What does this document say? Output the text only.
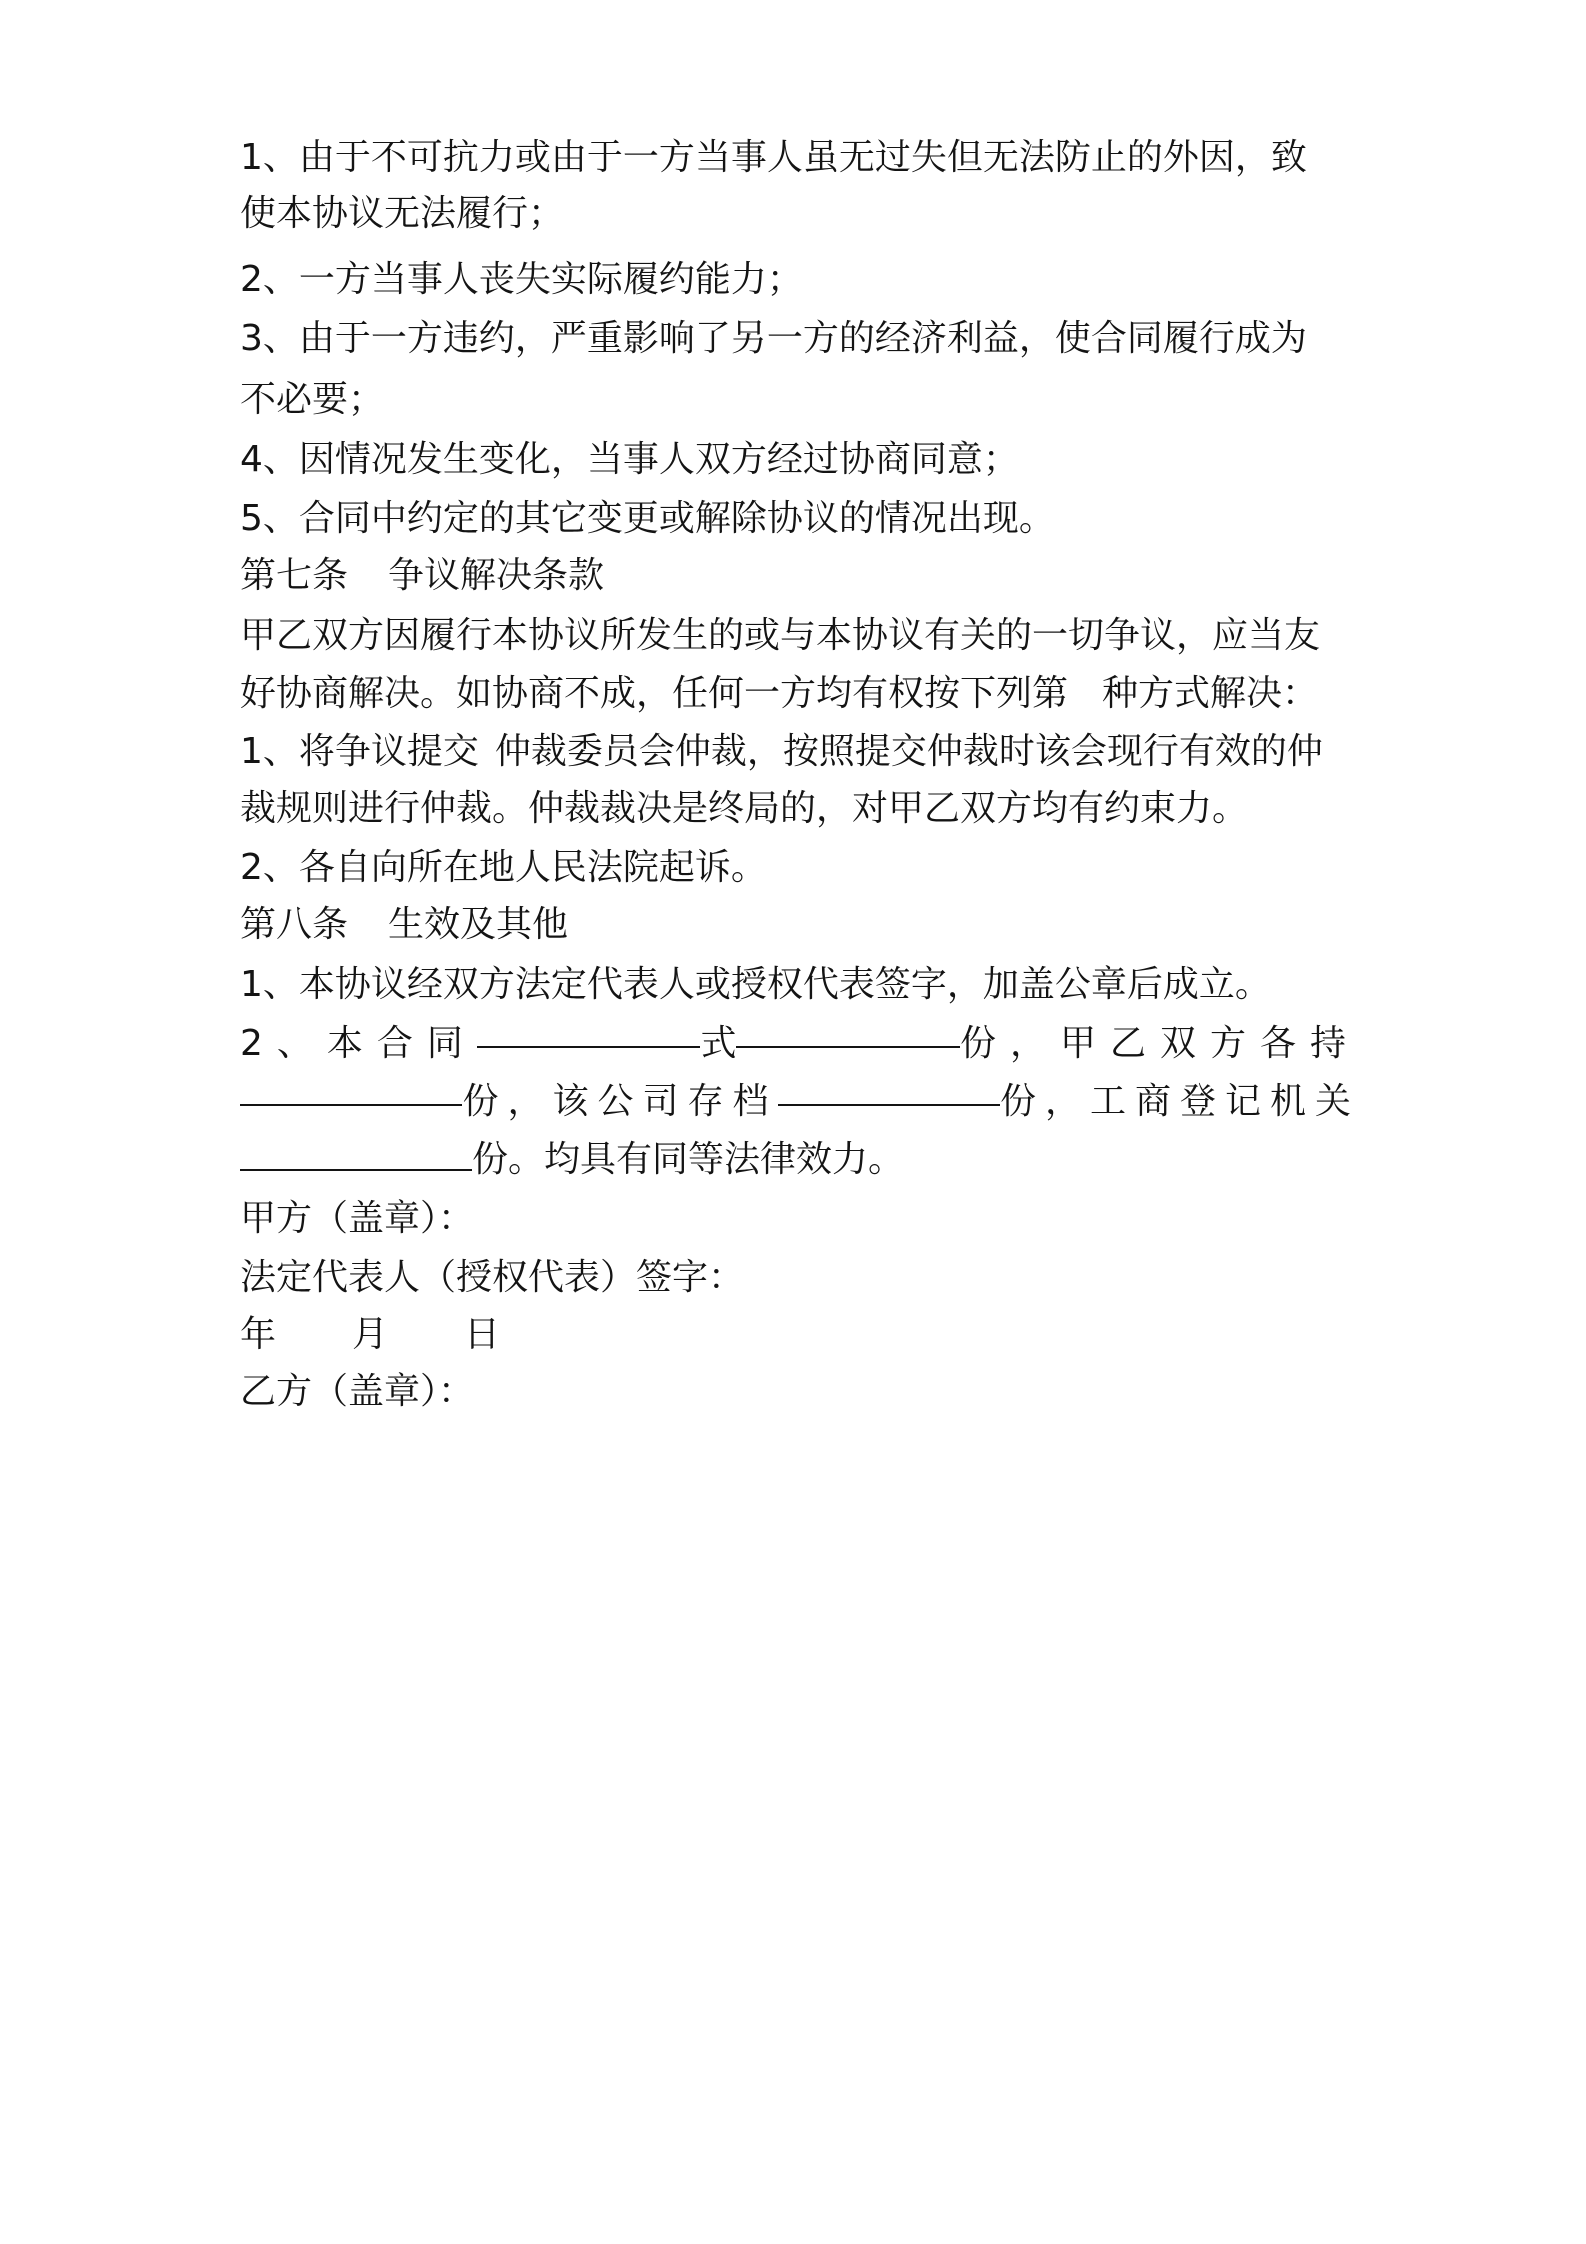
1、由于不可抗力或由于一方当事人虽无过失但无法防止的外因，致
使本协议无法履行；
2、一方当事人丧失实际履约能力；
3、由于一方违约，严重影响了另一方的经济利益，使合同履行成为
不必要；
4、因情况发生变化，当事人双方经过协商同意；
5、合同中约定的其它变更或解除协议的情况出现。
第七条 争议解决条款
甲乙双方因履行本协议所发生的或与本协议有关的一切争议，应当友
好协商解决。如协商不成，任何一方均有权按下列第 种方式解决：
1、将争议提交 仲裁委员会仲裁，按照提交仲裁时该会现行有效的仲
裁规则进行仲裁。仲裁裁决是终局的，对甲乙双方均有约束力。
2、各自向所在地人民法院起诉。
第八条 生效及其他
1、本协议经双方法定代表人或授权代表签字，加盖公章后成立。
2、本合同	式	份，甲乙双方各持
份，该公司存档	份，工商登记机关
份。均具有同等法律效力。
甲方（盖章）：
法定代表人（授权代表）签字：
年 月 日
乙方（盖章）：
